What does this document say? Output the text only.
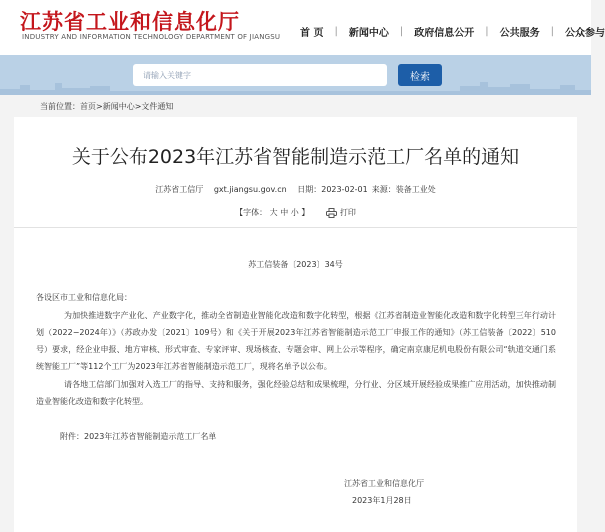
江苏省工业和信息化厅
INDUSTRY AND INFORMATION TECHNOLOGY DEPARTMENT OF JIANGSU 首 页 | 新闻中心 | 政府信息公开 | 公共服务 | 公众参与
请输入关键字
检索
当前位置：首页>新闻中心>文件通知
关于公布2023年江苏省智能制造示范工厂名单的通知
江苏省工信厅 gxt.jiangsu.gov.cn 日期：2023-02-01 来源：装备工业处
【字体： 大 中 小 】	打印
苏工信装备〔2023〕34号
各设区市工业和信息化局：
为加快推进数字产业化、产业数字化，推动全省制造业智能化改造和数字化转型，根据《江苏省制造业智能化改造和数字化转型三年行动计划（2022−2024年）》（苏政办发〔2021〕109号）和《关于开展2023年江苏省智能制造示范工厂申报工作的通知》（苏工信装备〔2022〕510号）要求，经企业申报、地方审核、形式审查、专家评审、现场核查、专题会审、网上公示等程序，确定南京康尼机电股份有限公司“轨道交通门系统智能工厂”等112个工厂为2023年江苏省智能制造示范工厂，现将名单予以公布。
请各地工信部门加强对入选工厂的指导、支持和服务，强化经验总结和成果梳理，分行业、分区域开展经验成果推广应用活动，加快推动制造业智能化改造和数字化转型。
附件：2023年江苏省智能制造示范工厂名单
江苏省工业和信息化厅
2023年1月28日
